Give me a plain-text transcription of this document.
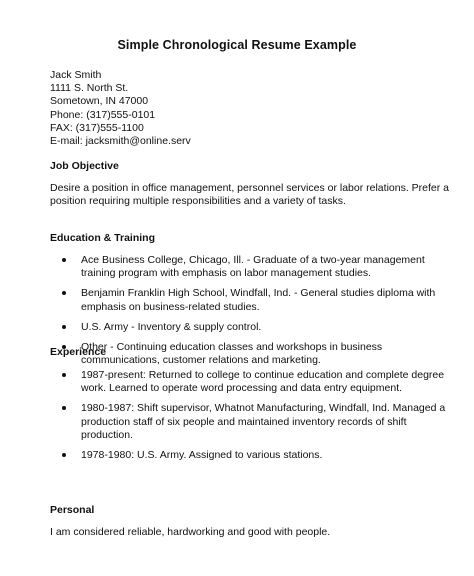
Simple Chronological Resume Example
Jack Smith
1111 S. North St.
Sometown, IN 47000
Phone: (317)555-0101
FAX: (317)555-1100
E-mail: jacksmith@online.serv
Job Objective
Desire a position in office management, personnel services or labor relations. Prefer a position requiring multiple responsibilities and a variety of tasks.
Education & Training
Ace Business College, Chicago, Ill. - Graduate of a two-year management training program with emphasis on labor management studies.
Benjamin Franklin High School, Windfall, Ind. - General studies diploma with emphasis on business-related studies.
U.S. Army - Inventory & supply control.
Other - Continuing education classes and workshops in business communications, customer relations and marketing.
Experience
1987-present: Returned to college to continue education and complete degree work. Learned to operate word processing and data entry equipment.
1980-1987: Shift supervisor, Whatnot Manufacturing, Windfall, Ind. Managed a production staff of six people and maintained inventory records of shift production.
1978-1980: U.S. Army. Assigned to various stations.
Personal
I am considered reliable, hardworking and good with people.
